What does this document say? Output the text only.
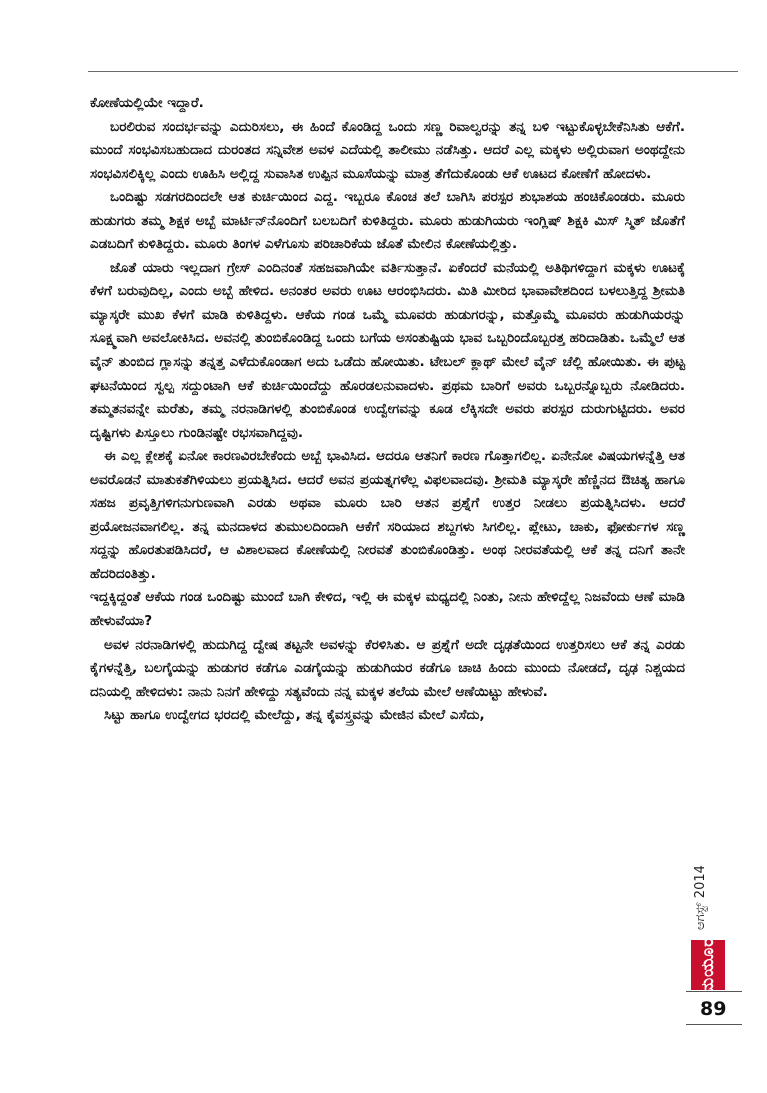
ಕೋಣೆಯಲ್ಲಿಯೇ ಇದ್ದಾರೆ.

ಬರಲಿರುವ ಸಂದರ್ಭವನ್ನು ಎದುರಿಸಲು, ಈ ಹಿಂದೆ ಕೊಂಡಿದ್ದ ಒಂದು ಸಣ್ಣ ರಿವಾಲ್ವರನ್ನು ತನ್ನ ಬಳಿ ಇಟ್ಟುಕೊಳ್ಳಬೇಕೆನಿಸಿತು ಆಕೆಗೆ. ಮುಂದೆ ಸಂಭವಿಸಬಹುದಾದ ದುರಂತದ ಸನ್ನಿವೇಶ ಅವಳ ಎದೆಯಲ್ಲಿ ತಾಲೀಮು ನಡೆಸಿತ್ತು. ಆದರೆ ಎಲ್ಲ ಮಕ್ಕಳು ಅಲ್ಲಿರುವಾಗ ಅಂಥದ್ದೇನು ಸಂಭವಿಸಲಿಕ್ಕಿಲ್ಲ ಎಂದು ಊಹಿಸಿ ಅಲ್ಲಿದ್ದ ಸುವಾಸಿತ ಉಪ್ಪಿನ ಮೂಸೆಯನ್ನು ಮಾತ್ರ ತೆಗೆದುಕೊಂಡು ಆಕೆ ಊಟದ ಕೋಣೆಗೆ ಹೋದಳು.

ಒಂದಿಷ್ಟು ಸಡಗರದಿಂದಲೇ ಆತ ಕುರ್ಚಿಯಿಂದ ಎದ್ದ. ಇಬ್ಬರೂ ಕೊಂಚ ತಲೆ ಬಾಗಿಸಿ ಪರಸ್ಪರ ಶುಭಾಶಯ ಹಂಚಿಕೊಂಡರು. ಮೂರು ಹುಡುಗರು ತಮ್ಮ ಶಿಕ್ಷಕ ಅಬ್ಬೆ ಮಾರ್ಟಿನ್‌ನೊಂದಿಗೆ ಬಲಬದಿಗೆ ಕುಳಿತಿದ್ದರು. ಮೂರು ಹುಡುಗಿಯರು ಇಂಗ್ಲಿಷ್ ಶಿಕ್ಷಕಿ ಮಿಸ್ ಸ್ಮಿತ್ ಜೊತೆಗೆ ಎಡಬದಿಗೆ ಕುಳಿತಿದ್ದರು. ಮೂರು ತಿಂಗಳ ಎಳೆಗೂಸು ಪರಿಚಾರಿಕೆಯ ಜೊತೆ ಮೇಲಿನ ಕೋಣೆಯಲ್ಲಿತ್ತು.

ಜೊತೆ ಯಾರು ಇಲ್ಲದಾಗ ಗ್ರೇಸ್ ಎಂದಿನಂತೆ ಸಹಜವಾಗಿಯೇ ವರ್ತಿಸುತ್ತಾನೆ. ಏಕೆಂದರೆ ಮನೆಯಲ್ಲಿ ಅತಿಥಿಗಳಿದ್ದಾಗ ಮಕ್ಕಳು ಊಟಕ್ಕೆ ಕೆಳಗೆ ಬರುವುದಿಲ್ಲ, ಎಂದು ಅಬ್ಬೆ ಹೇಳಿದ. ಅನಂತರ ಅವರು ಊಟ ಆರಂಭಿಸಿದರು. ಮಿತಿ ಮೀರಿದ ಭಾವಾವೇಶದಿಂದ ಬಳಲುತ್ತಿದ್ದ ಶ್ರೀಮತಿ ಮ್ಯಾಸ್ಕರೇ ಮುಖ ಕೆಳಗೆ ಮಾಡಿ ಕುಳಿತಿದ್ದಳು. ಆಕೆಯ ಗಂಡ ಒಮ್ಮೆ ಮೂವರು ಹುಡುಗರನ್ನು, ಮತ್ತೊಮ್ಮೆ ಮೂವರು ಹುಡುಗಿಯರನ್ನು ಸೂಕ್ಷ್ಮವಾಗಿ ಅವಲೋಕಿಸಿದ. ಅವನಲ್ಲಿ ತುಂಬಿಕೊಂಡಿದ್ದ ಒಂದು ಬಗೆಯ ಅಸಂತುಷ್ಟಿಯ ಭಾವ ಒಬ್ಬರಿಂದೊಬ್ಬರತ್ತ ಹರಿದಾಡಿತು. ಒಮ್ಮೆಲೆ ಆತ ವೈನ್ ತುಂಬಿದ ಗ್ಲಾಸನ್ನು ತನ್ನತ್ತ ಎಳೆದುಕೊಂಡಾಗ ಅದು ಒಡೆದು ಹೋಯಿತು. ಟೇಬಲ್ ಕ್ಲಾಥ್ ಮೇಲೆ ವೈನ್ ಚೆಲ್ಲಿ ಹೋಯಿತು. ಈ ಪುಟ್ಟ ಘಟನೆಯಿಂದ ಸ್ವಲ್ಪ ಸದ್ದುಂಟಾಗಿ ಆಕೆ ಕುರ್ಚಿಯಿಂದೆದ್ದು ಹೊರಡಲನುವಾದಳು. ಪ್ರಥಮ ಬಾರಿಗೆ ಅವರು ಒಬ್ಬರನ್ನೊಬ್ಬರು ನೋಡಿದರು. ತಮ್ಮತನವನ್ನೇ ಮರೆತು, ತಮ್ಮ ನರನಾಡಿಗಳಲ್ಲಿ ತುಂಬಿಕೊಂಡ ಉದ್ವೇಗವನ್ನು ಕೂಡ ಲೆಕ್ಕಿಸದೇ ಅವರು ಪರಸ್ಪರ ದುರುಗುಟ್ಟಿದರು. ಅವರ ದೃಷ್ಟಿಗಳು ಪಿಸ್ತೂಲು ಗುಂಡಿನಷ್ಟೇ ರಭಸವಾಗಿದ್ದವು.

ಈ ಎಲ್ಲ ಕ್ಲೇಶಕ್ಕೆ ಏನೋ ಕಾರಣವಿರಬೇಕೆಂದು ಅಬ್ಬೆ ಭಾವಿಸಿದ. ಆದರೂ ಆತನಿಗೆ ಕಾರಣ ಗೊತ್ತಾಗಲಿಲ್ಲ. ಏನೇನೋ ವಿಷಯಗಳನ್ನೆತ್ತಿ ಆತ ಅವರೊಡನೆ ಮಾತುಕತೆಗಿಳಿಯಲು ಪ್ರಯತ್ನಿಸಿದ. ಆದರೆ ಅವನ ಪ್ರಯತ್ನಗಳೆಲ್ಲ ವಿಫಲವಾದವು. ಶ್ರೀಮತಿ ಮ್ಯಾಸ್ಕರೇ ಹೆಣ್ಣಿನದ ಔಚಿತ್ಯ ಹಾಗೂ ಸಹಜ ಪ್ರವೃತ್ತಿಗಳಿಗನುಗುಣವಾಗಿ ಎರಡು ಅಥವಾ ಮೂರು ಬಾರಿ ಆತನ ಪ್ರಶ್ನೆಗೆ ಉತ್ತರ ನೀಡಲು ಪ್ರಯತ್ನಿಸಿದಳು. ಆದರೆ ಪ್ರಯೋಜನವಾಗಲಿಲ್ಲ. ತನ್ನ ಮನದಾಳದ ತುಮುಲದಿಂದಾಗಿ ಆಕೆಗೆ ಸರಿಯಾದ ಶಬ್ದಗಳು ಸಿಗಲಿಲ್ಲ. ಪ್ಲೇಟು, ಚಾಕು, ಫೋರ್ಕುಗಳ ಸಣ್ಣ ಸದ್ದನ್ನು ಹೊರತುಪಡಿಸಿದರೆ, ಆ ವಿಶಾಲವಾದ ಕೋಣೆಯಲ್ಲಿ ನೀರವತೆ ತುಂಬಿಕೊಂಡಿತ್ತು. ಅಂಥ ನೀರವತೆಯಲ್ಲಿ ಆಕೆ ತನ್ನ ದನಿಗೆ ತಾನೇ ಹೆದರಿದಂತಿತ್ತು.

ಇದ್ದಕ್ಕಿದ್ದಂತೆ ಆಕೆಯ ಗಂಡ ಒಂದಿಷ್ಟು ಮುಂದೆ ಬಾಗಿ ಕೇಳಿದ, ಇಲ್ಲಿ ಈ ಮಕ್ಕಳ ಮಧ್ಯದಲ್ಲಿ ನಿಂತು, ನೀನು ಹೇಳಿದ್ದೆಲ್ಲ ನಿಜವೆಂದು ಆಣೆ ಮಾಡಿ ಹೇಳುವೆಯಾ?

ಅವಳ ನರನಾಡಿಗಳಲ್ಲಿ ಹುದುಗಿದ್ದ ದ್ವೇಷ ತಟ್ಟನೇ ಅವಳನ್ನು ಕೆರಳಿಸಿತು. ಆ ಪ್ರಶ್ನೆಗೆ ಅದೇ ದೃಢತೆಯಿಂದ ಉತ್ತರಿಸಲು ಆಕೆ ತನ್ನ ಎರಡು ಕೈಗಳನ್ನೆತ್ತಿ, ಬಲಗೈಯನ್ನು ಹುಡುಗರ ಕಡೆಗೂ ಎಡಗೈಯನ್ನು ಹುಡುಗಿಯರ ಕಡೆಗೂ ಚಾಚಿ ಹಿಂದು ಮುಂದು ನೋಡದೆ, ದೃಢ ನಿಶ್ಚಯದ ದನಿಯಲ್ಲಿ ಹೇಳಿದಳು: ನಾನು ನಿನಗೆ ಹೇಳಿದ್ದು ಸತ್ಯವೆಂದು ನನ್ನ ಮಕ್ಕಳ ತಲೆಯ ಮೇಲೆ ಆಣೆಯಿಟ್ಟು ಹೇಳುವೆ.

ಸಿಟ್ಟು ಹಾಗೂ ಉದ್ವೇಗದ ಭರದಲ್ಲಿ ಮೇಲೆದ್ದು, ತನ್ನ ಕೈವಸ್ತ್ರವನ್ನು ಮೇಜಿನ ಮೇಲೆ ಎಸೆದು,

ಆಗಸ್ಟ್ 2014
ಮಯೂರ
89
